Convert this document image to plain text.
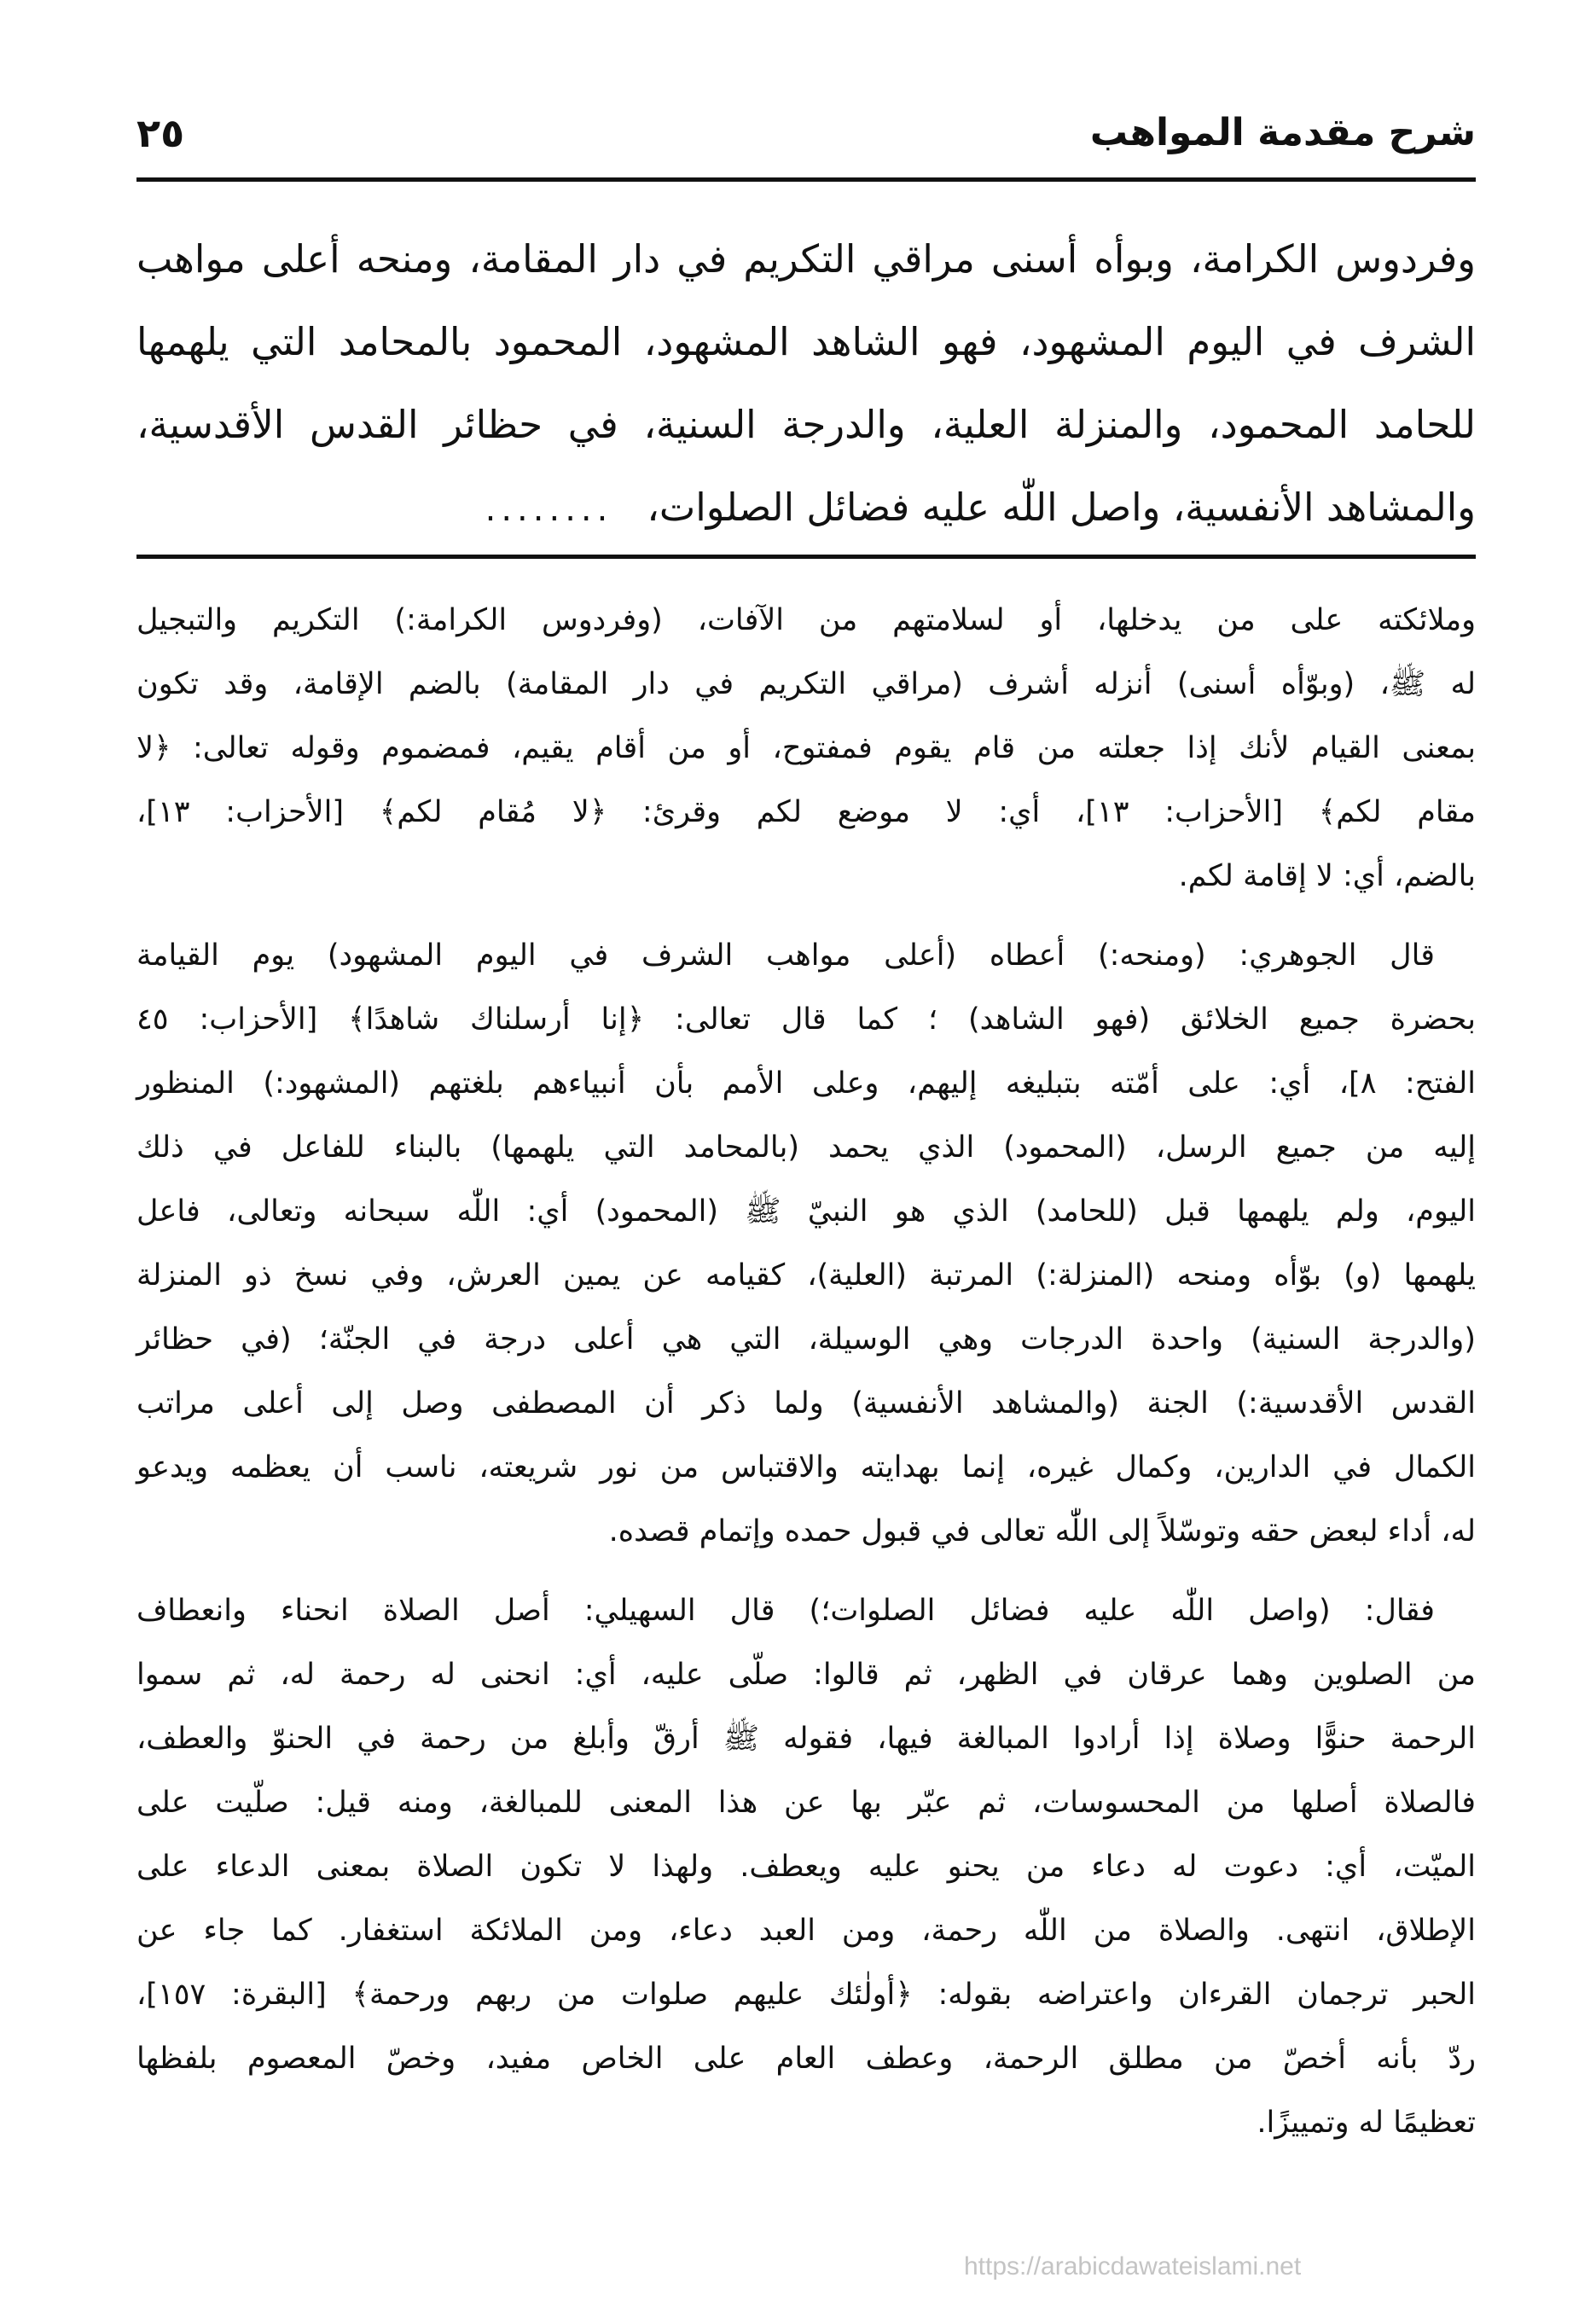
شرح مقدمة المواهب
٢٥
وفردوس الكرامة، وبوأه أسنى مراقي التكريم في دار المقامة، ومنحه أعلى مواهب
الشرف في اليوم المشهود، فهو الشاهد المشهود، المحمود بالمحامد التي يلهمها
للحامد المحمود، والمنزلة العلية، والدرجة السنية، في حظائر القدس الأقدسية،
والمشاهد الأنفسية، واصل اللّٰه عليه فضائل الصلوات،........
وملائكته على من يدخلها، أو لسلامتهم من الآفات، (وفردوس الكرامة:) التكريم والتبجيل
له ﷺ، (وبوّأه أسنى) أنزله أشرف (مراقي التكريم في دار المقامة) بالضم الإقامة، وقد تكون
بمعنى القيام لأنك إذا جعلته من قام يقوم فمفتوح، أو من أقام يقيم، فمضموم وقوله تعالى: ﴿لا
مقام لكم﴾ [الأحزاب: ١٣]، أي: لا موضع لكم وقرئ: ﴿لا مُقام لكم﴾ [الأحزاب: ١٣]،
بالضم، أي: لا إقامة لكم.
قال الجوهري: (ومنحه:) أعطاه (أعلى مواهب الشرف في اليوم المشهود) يوم القيامة
بحضرة جميع الخلائق (فهو الشاهد) ؛ كما قال تعالى: ﴿إنا أرسلناك شاهدًا﴾ [الأحزاب: ٤٥
الفتح: ٨]، أي: على أمّته بتبليغه إليهم، وعلى الأمم بأن أنبياءهم بلغتهم (المشهود:) المنظور
إليه من جميع الرسل، (المحمود) الذي يحمد (بالمحامد التي يلهمها) بالبناء للفاعل في ذلك
اليوم، ولم يلهمها قبل (للحامد) الذي هو النبيّ ﷺ (المحمود) أي: اللّٰه سبحانه وتعالى، فاعل
يلهمها (و) بوّأه ومنحه (المنزلة:) المرتبة (العلية)، كقيامه عن يمين العرش، وفي نسخ ذو المنزلة
(والدرجة السنية) واحدة الدرجات وهي الوسيلة، التي هي أعلى درجة في الجنّة؛ (في حظائر
القدس الأقدسية:) الجنة (والمشاهد الأنفسية) ولما ذكر أن المصطفى وصل إلى أعلى مراتب
الكمال في الدارين، وكمال غيره، إنما بهدايته والاقتباس من نور شريعته، ناسب أن يعظمه ويدعو
له، أداء لبعض حقه وتوسّلاً إلى اللّٰه تعالى في قبول حمده وإتمام قصده.
فقال: (واصل اللّٰه عليه فضائل الصلوات؛) قال السهيلي: أصل الصلاة انحناء وانعطاف
من الصلوين وهما عرقان في الظهر، ثم قالوا: صلّى عليه، أي: انحنى له رحمة له، ثم سموا
الرحمة حنوًّا وصلاة إذا أرادوا المبالغة فيها، فقوله ﷺ أرقّ وأبلغ من رحمة في الحنوّ والعطف،
فالصلاة أصلها من المحسوسات، ثم عبّر بها عن هذا المعنى للمبالغة، ومنه قيل: صلّيت على
الميّت، أي: دعوت له دعاء من يحنو عليه ويعطف. ولهذا لا تكون الصلاة بمعنى الدعاء على
الإطلاق، انتهى. والصلاة من اللّٰه رحمة، ومن العبد دعاء، ومن الملائكة استغفار. كما جاء عن
الحبر ترجمان القرءان واعتراضه بقوله: ﴿أولٰئك عليهم صلوات من ربهم ورحمة﴾ [البقرة: ١٥٧]،
ردّ بأنه أخصّ من مطلق الرحمة، وعطف العام على الخاص مفيد، وخصّ المعصوم بلفظها
تعظيمًا له وتمييزًا.
https://arabicdawateislami.net
